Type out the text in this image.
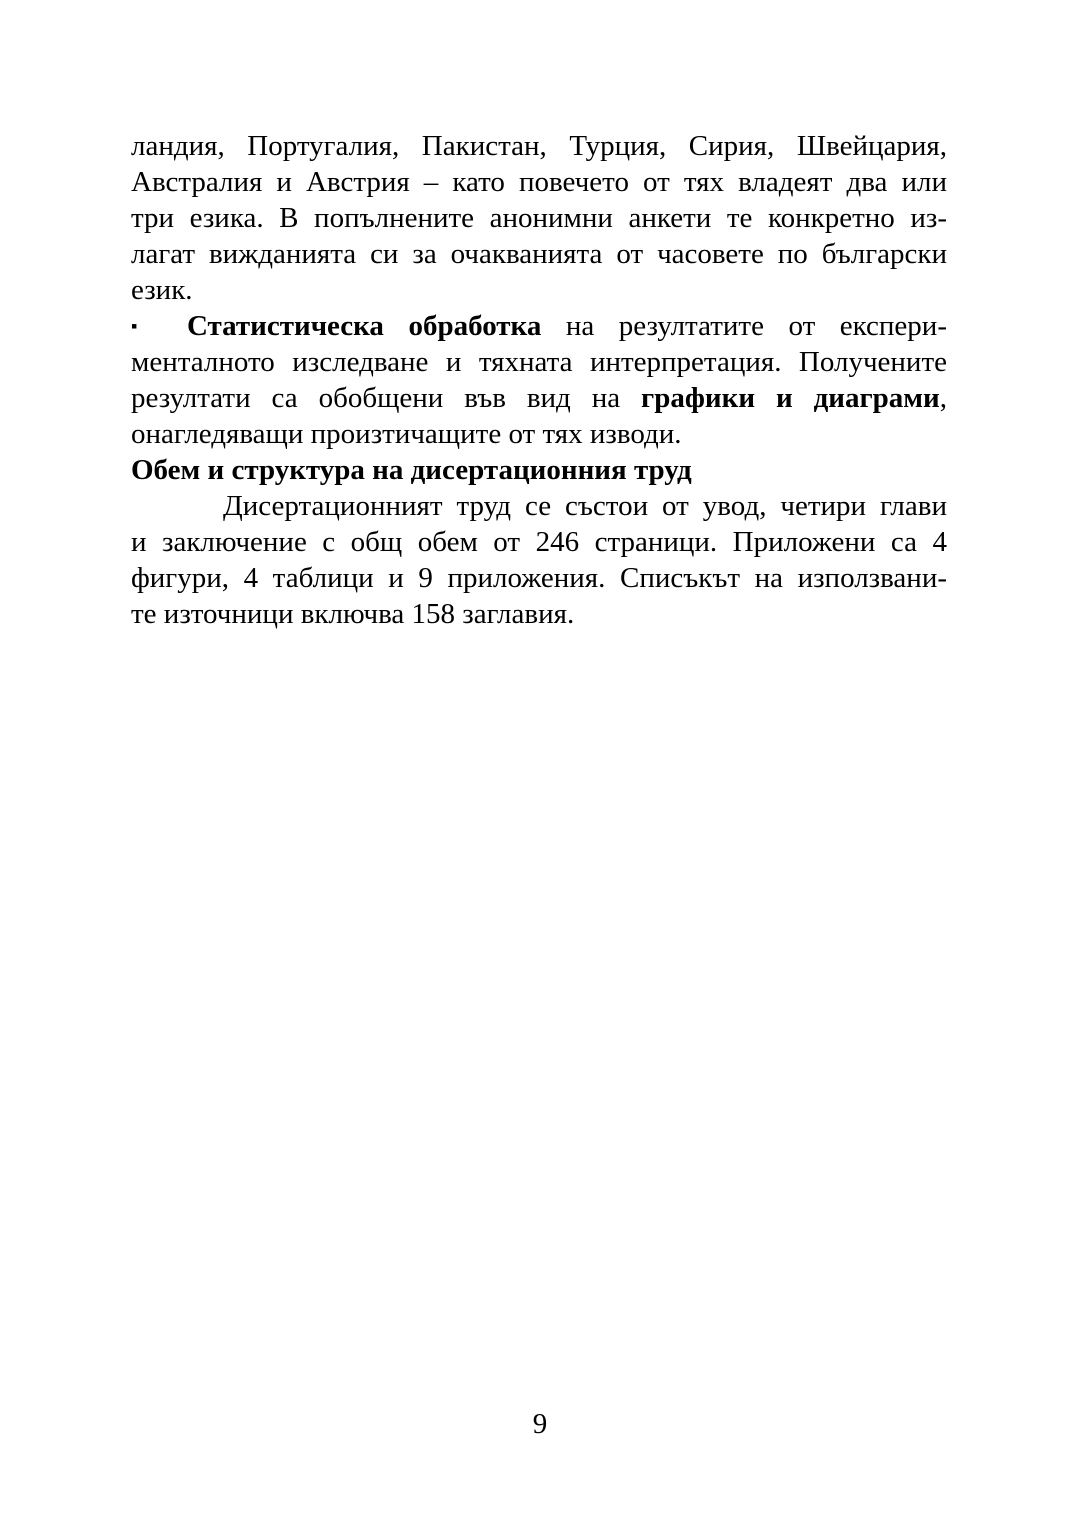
ландия, Португалия, Пакистан, Турция, Сирия, Швейцария,
Австралия и Австрия – като повечето от тях владеят два или
три езика. В попълнените анонимни анкети те конкретно из-
лагат вижданията си за очакванията от часовете по български
език.
▪ Статистическа обработка на резултатите от експери-
менталното изследване и тяхната интерпретация. Получените
резултати са обобщени във вид на графики и диаграми,
онагледяващи произтичащите от тях изводи.
Обем и структура на дисертационния труд
Дисертационният труд се състои от увод, четири глави
и заключение с общ обем от 246 страници. Приложени са 4
фигури, 4 таблици и 9 приложения. Списъкът на използвани-
те източници включва 158 заглавия.
9
